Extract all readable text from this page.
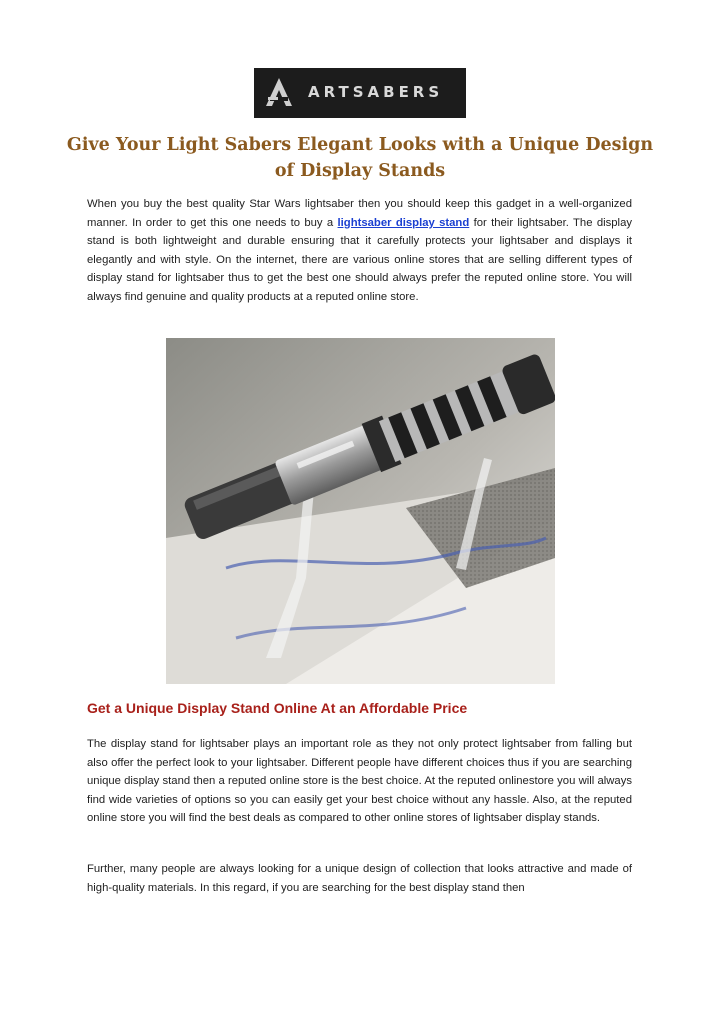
ARTSABERS
Give Your Light Sabers Elegant Looks with a Unique Design of Display Stands

When you buy the best quality Star Wars lightsaber then you should keep this gadget in a well-organized manner. In order to get this one needs to buy a lightsaber display stand for their lightsaber. The display stand is both lightweight and durable ensuring that it carefully protects your lightsaber and displays it elegantly and with style. On the internet, there are various online stores that are selling different types of display stand for lightsaber thus to get the best one should always prefer the reputed online store. You will always find genuine and quality products at a reputed online store.

Get a Unique Display Stand Online At an Affordable Price

The display stand for lightsaber plays an important role as they not only protect lightsaber from falling but also offer the perfect look to your lightsaber. Different people have different choices thus if you are searching unique display stand then a reputed online store is the best choice. At the reputed onlinestore you will always find wide varieties of options so you can easily get your best choice without any hassle. Also, at the reputed online store you will find the best deals as compared to other online stores of lightsaber display stands.

Further, many people are always looking for a unique design of collection that looks attractive and made of high-quality materials. In this regard, if you are searching for the best display stand then
